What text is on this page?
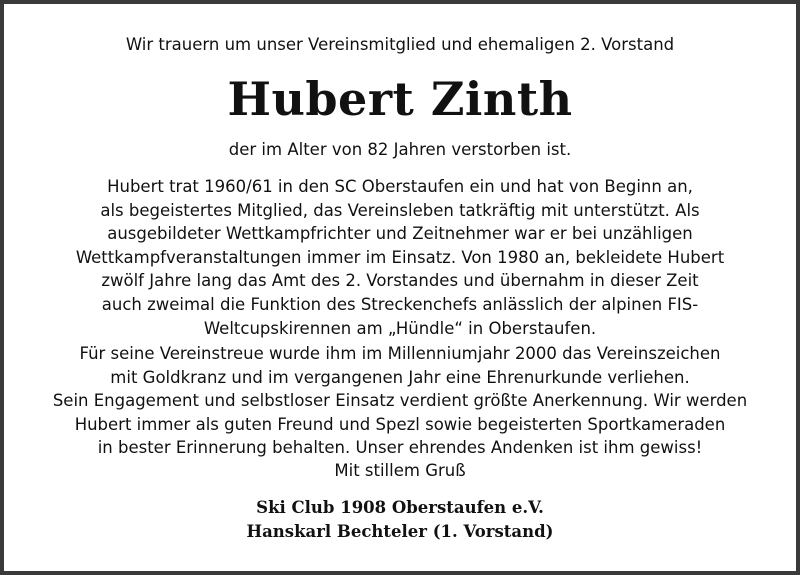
Wir trauern um unser Vereinsmitglied und ehemaligen 2. Vorstand
Hubert Zinth
der im Alter von 82 Jahren verstorben ist.
Hubert trat 1960/61 in den SC Oberstaufen ein und hat von Beginn an,
als begeistertes Mitglied, das Vereinsleben tatkräftig mit unterstützt. Als
ausgebildeter Wettkampfrichter und Zeitnehmer war er bei unzähligen
Wettkampfveranstaltungen immer im Einsatz. Von 1980 an, bekleidete Hubert
zwölf Jahre lang das Amt des 2. Vorstandes und übernahm in dieser Zeit
auch zweimal die Funktion des Streckenchefs anlässlich der alpinen FIS-
Weltcupskirennen am „Hündle“ in Oberstaufen.
Für seine Vereinstreue wurde ihm im Millenniumjahr 2000 das Vereinszeichen
mit Goldkranz und im vergangenen Jahr eine Ehrenurkunde verliehen.
Sein Engagement und selbstloser Einsatz verdient größte Anerkennung. Wir werden
Hubert immer als guten Freund und Spezl sowie begeisterten Sportkameraden
in bester Erinnerung behalten. Unser ehrendes Andenken ist ihm gewiss!
Mit stillem Gruß
Ski Club 1908 Oberstaufen e.V.
Hanskarl Bechteler (1. Vorstand)
